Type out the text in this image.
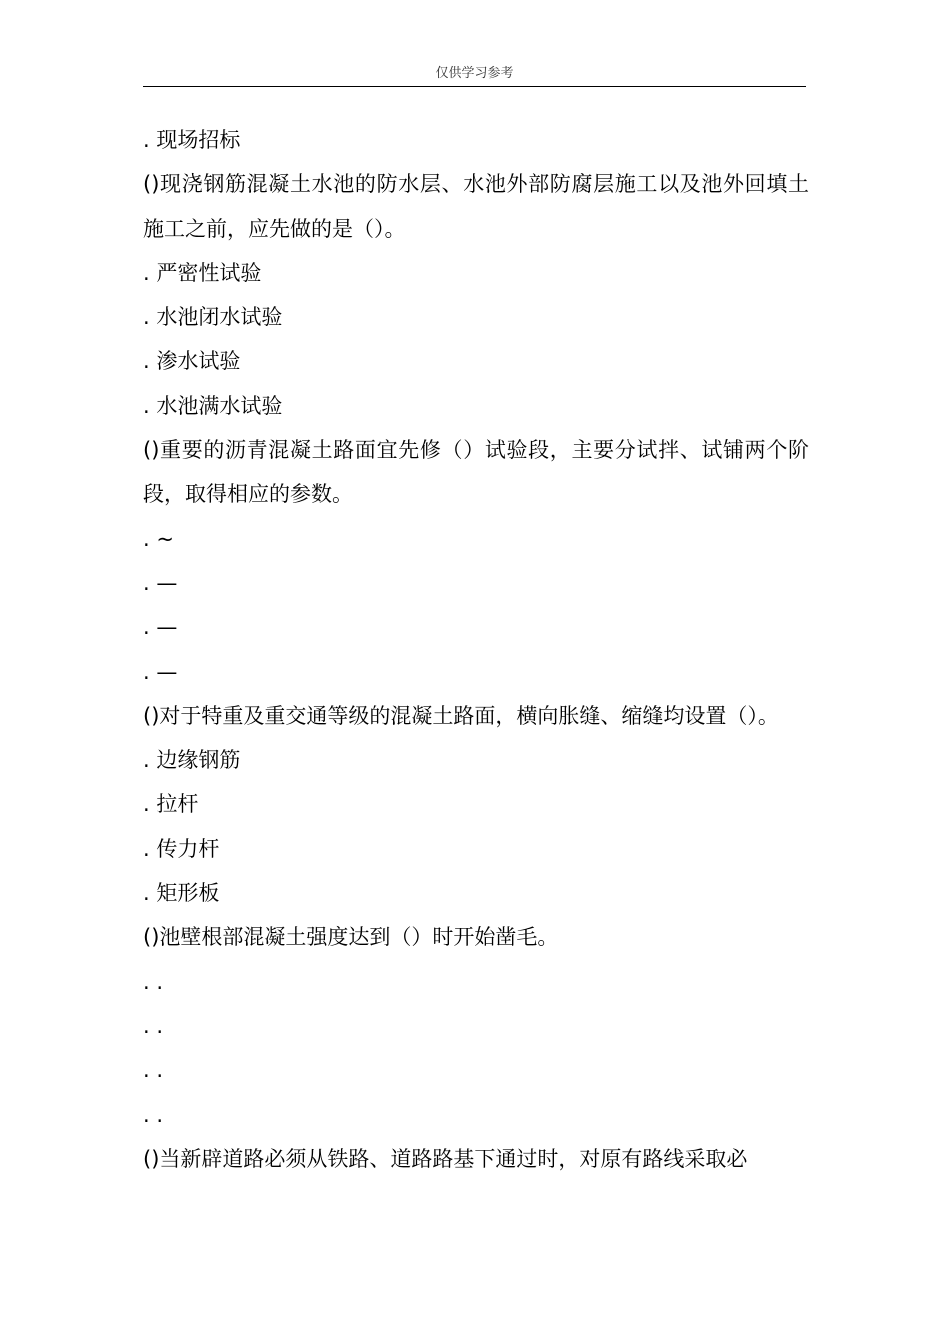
仅供学习参考

. 现场招标

()现浇钢筋混凝土水池的防水层、水池外部防腐层施工以及池外回填土施工之前，应先做的是（）。

. 严密性试验

. 水池闭水试验

. 渗水试验

. 水池满水试验

()重要的沥青混凝土路面宜先修（）试验段，主要分试拌、试铺两个阶段，取得相应的参数。

. ~

. —

. —

. —

()对于特重及重交通等级的混凝土路面，横向胀缝、缩缝均设置（）。

. 边缘钢筋

. 拉杆

. 传力杆

. 矩形板

()池壁根部混凝土强度达到（）时开始凿毛。

. .

. .

. .

. .

()当新辟道路必须从铁路、道路路基下通过时，对原有路线采取必
